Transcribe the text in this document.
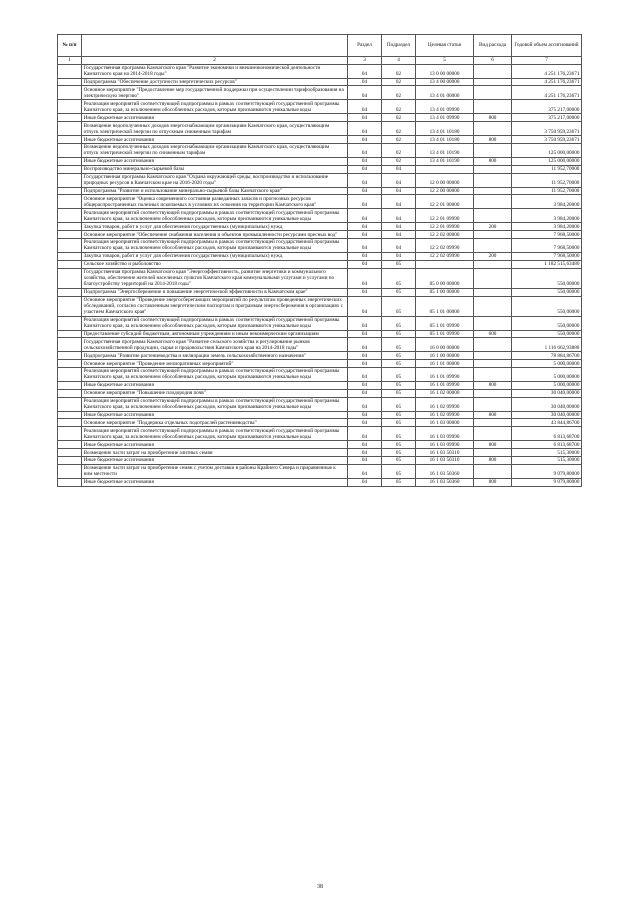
№ п/п		Раздел	Подраздел	Целевая статья	Вид расхода	Годовой объем ассигнований
1	2	3	4	5	6	7
	Государственная программа Камчатского края "Развитие экономики и внешнеэкономической деятельности Камчатского края на 2014-2018 годы"	04	02	13 0 00 00000		4 251 176,23671
	Подпрограмма "Обеспечение доступности энергетических ресурсов"	04	02	13 4 00 00000		4 251 176,23671
	Основное мероприятие "Предоставление мер государственной поддержки при осуществлении тарифообразования на электрическую энергию"	04	02	13 4 01 00000		4 251 176,23671
	Реализация мероприятий соответствующей подпрограммы в рамках соответствующей государственной программы Камчатского края, за исключением обособленных расходов, которым присваиваются уникальные коды	04	02	13 4 01 09990		375 217,00000
	Иные бюджетные ассигнования	04	02	13 4 01 09990	800	375 217,00000
	Возмещение недополученных доходов энергоснабжающим организациям Камчатского края, осуществляющим отпуск электрической энергии по отпускным сниженным тарифам	04	02	13 4 01 10180		3 750 959,23671
	Иные бюджетные ассигнования	04	02	13 4 01 10180	800	3 750 959,23671
	Возмещение недополученных доходов энергоснабжающим организациям Камчатского края, осуществляющим отпуск электрической энергии по сниженным тарифам	04	02	13 4 01 10190		125 000,00000
	Иные бюджетные ассигнования	04	02	13 4 01 10190	800	125 000,00000
	Воспроизводство минерально-сырьевой базы	04	04			11 952,70000
	Государственная программа Камчатского края "Охрана окружающей среды, воспроизводство и использование природных ресурсов в Камчатском крае на 2016-2020 годы"	04	04	12 0 00 00000		11 952,70000
	Подпрограмма "Развитие и использование минерально-сырьевой базы Камчатского края"	04	04	12 2 00 00000		11 952,70000
	Основное мероприятие "Оценка современного состояния разведанных запасов и прогнозных ресурсов общераспространенных полезных ископаемых в условиях их освоения на территории Камчатского края"	04	04	12 2 01 00000		3 984,20000
	Реализация мероприятий соответствующей подпрограммы в рамках соответствующей государственной программы Камчатского края, за исключением обособленных расходов, которым присваиваются уникальные коды	04	04	12 2 01 09990		3 984,20000
	Закупка товаров, работ и услуг для обеспечения государственных (муниципальных) нужд	04	04	12 2 01 09990	200	3 984,20000
	Основное мероприятие "Обеспечение снабжения населения и объектов промышленности ресурсами пресных вод"	04	04	12 2 02 00000		7 968,50000
	Реализация мероприятий соответствующей подпрограммы в рамках соответствующей государственной программы Камчатского края, за исключением обособленных расходов, которым присваиваются уникальные коды	04	04	12 2 02 09990		7 968,50000
	Закупка товаров, работ и услуг для обеспечения государственных (муниципальных) нужд	04	04	12 2 02 09990	200	7 968,50000
	Сельское хозяйство и рыболовство	04	05			1 182 515,63480
	Государственная программа Камчатского края "Энергоэффективность, развитие энергетики и коммунального хозяйства, обеспечение жителей населенных пунктов Камчатского края коммунальными услугами и услугами по благоустройству территорий на 2014-2018 годы"	04	05	05 0 00 00000		550,00000
	Подпрограмма "Энергосбережение и повышение энергетической эффективности в Камчатском крае"	04	05	05 1 00 00000		550,00000
	Основное мероприятие "Проведение энергосберегающих мероприятий по результатам проведенных энергетических обследований, согласно составленным энергетическим паспортам и программам энергосбережения в организациях с участием Камчатского края"	04	05	05 1 01 00000		550,00000
	Реализация мероприятий соответствующей подпрограммы в рамках соответствующей государственной программы Камчатского края, за исключением обособленных расходов, которым присваиваются уникальные коды	04	05	05 1 01 09990		550,00000
	Предоставление субсидий бюджетным, автономным учреждениям и иным некоммерческим организациям	04	05	05 1 01 09990	600	550,00000
	Государственная программа Камчатского края "Развитие сельского хозяйства и регулирование рынков сельскохозяйственной продукции, сырья и продовольствия Камчатского края на 2014-2018 годы"	04	05	16 0 00 00000		1 116 662,93880
	Подпрограмма "Развитие растениеводства и мелиорации земель сельскохозяйственного назначения"	04	05	16 1 00 00000		78 884,86700
	Основное мероприятие "Проведение мелиоративных мероприятий"	04	05	16 1 01 00000		5 000,00000
	Реализация мероприятий соответствующей подпрограммы в рамках соответствующей государственной программы Камчатского края, за исключением обособленных расходов, которым присваиваются уникальные коды	04	05	16 1 01 09990		5 000,00000
	Иные бюджетные ассигнования	04	05	16 1 01 09990	800	5 000,00000
	Основное мероприятие "Повышение плодородия почв"	04	05	16 1 02 00000		30 040,00000
	Реализация мероприятий соответствующей подпрограммы в рамках соответствующей государственной программы Камчатского края, за исключением обособленных расходов, которым присваиваются уникальные коды	04	05	16 1 02 09990		30 040,00000
	Иные бюджетные ассигнования	04	05	16 1 02 09990	800	30 040,00000
	Основное мероприятие "Поддержка отдельных подотраслей растениеводства"	04	05	16 1 03 00000		43 844,86700
	Реализация мероприятий соответствующей подпрограммы в рамках соответствующей государственной программы Камчатского края, за исключением обособленных расходов, которым присваиваются уникальные коды	04	05	16 1 03 09990		6 813,68700
	Иные бюджетные ассигнования	04	05	16 1 03 09990	800	6 813,68700
	Возмещение части затрат на приобретение элитных семян	04	05	16 1 03 50310		515,30000
	Иные бюджетные ассигнования	04	05	16 1 03 50310	800	515,30000
	Возмещение части затрат на приобретение семян с учетом доставки в районы Крайнего Севера и приравненные к ним местности	04	05	16 1 03 50360		9 079,80000
	Иные бюджетные ассигнования	04	05	16 1 03 50360	800	9 079,80000
38
